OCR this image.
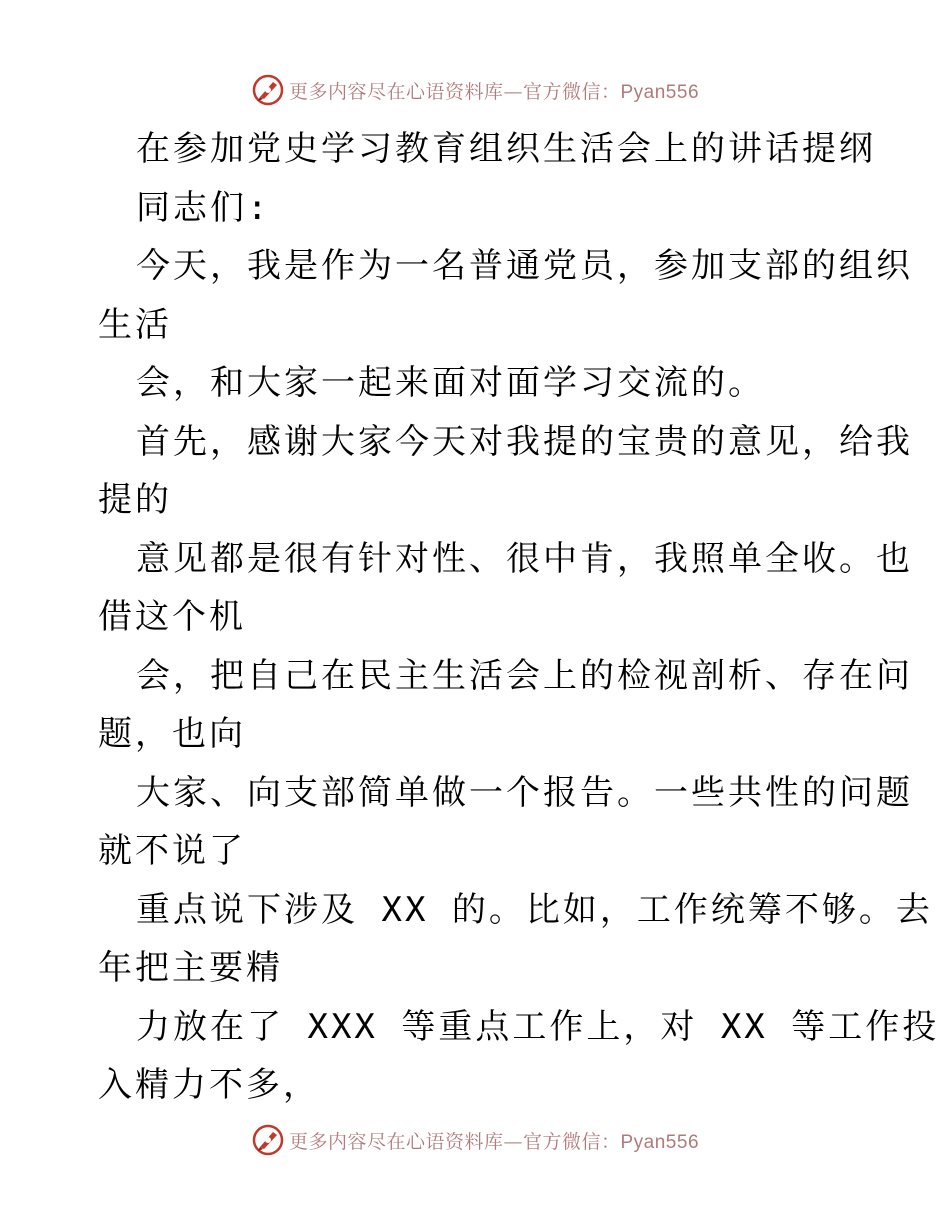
更多内容尽在心语资料库—官方微信：Pyan556
在参加党史学习教育组织生活会上的讲话提纲
同志们:
今天，我是作为一名普通党员，参加支部的组织
生活
会，和大家一起来面对面学习交流的。
首先，感谢大家今天对我提的宝贵的意见，给我
提的
意见都是很有针对性、很中肯，我照单全收。也
借这个机
会，把自己在民主生活会上的检视剖析、存在问
题，也向
大家、向支部简单做一个报告。一些共性的问题
就不说了
重点说下涉及 XX 的。比如，工作统筹不够。去
年把主要精
力放在了 XXX 等重点工作上，对 XX 等工作投
入精力不多，
更多内容尽在心语资料库—官方微信：Pyan556
